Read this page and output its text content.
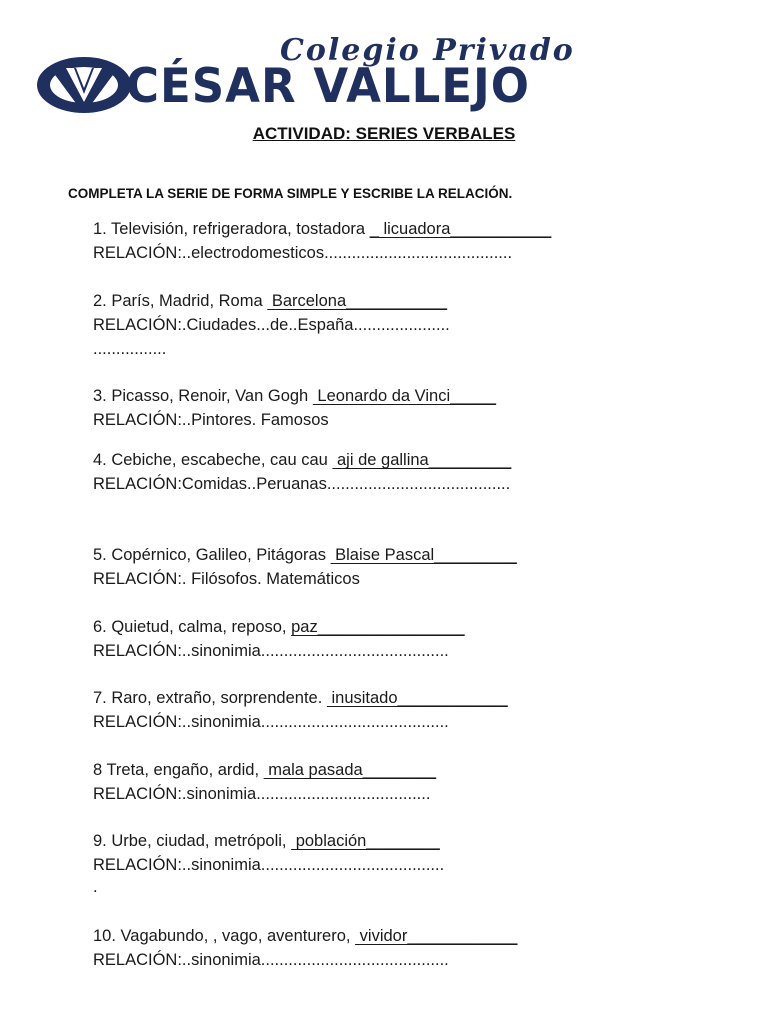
Colegio Privado

CÉSAR VALLEJO

ACTIVIDAD: SERIES VERBALES

COMPLETA LA SERIE DE FORMA SIMPLE Y ESCRIBE LA RELACIÓN.

1. Televisión, refrigeradora, tostadora _ licuadora___________

RELACIÓN:..electrodomesticos.........................................

2. París, Madrid, Roma  Barcelona___________

RELACIÓN:.Ciudades...de..España.....................

................

3. Picasso, Renoir, Van Gogh  Leonardo da Vinci_____

RELACIÓN:..Pintores. Famosos

4. Cebiche, escabeche, cau cau  aji de gallina_________

RELACIÓN:Comidas..Peruanas........................................

5. Copérnico, Galileo, Pitágoras  Blaise Pascal_________

RELACIÓN:. Filósofos. Matemáticos

6. Quietud, calma, reposo, paz________________

RELACIÓN:..sinonimia.........................................

7. Raro, extraño, sorprendente.  inusitado____________

RELACIÓN:..sinonimia.........................................

8 Treta, engaño, ardid,  mala pasada________

RELACIÓN:.sinonimia......................................

9. Urbe, ciudad, metrópoli,  población________

RELACIÓN:..sinonimia........................................

.

10. Vagabundo, , vago, aventurero,  vividor____________

RELACIÓN:..sinonimia.........................................
